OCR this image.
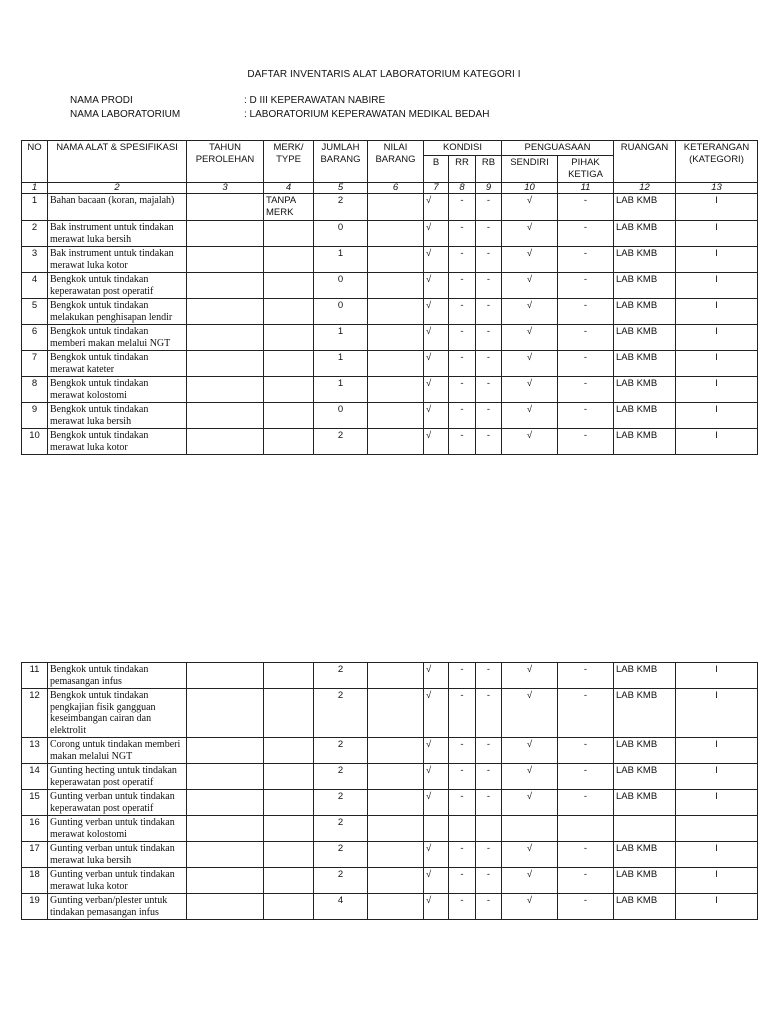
DAFTAR INVENTARIS ALAT LABORATORIUM KATEGORI I
NAMA PRODI	: D III KEPERAWATAN NABIRE
NAMA LABORATORIUM	: LABORATORIUM KEPERAWATAN MEDIKAL BEDAH
NO	NAMA ALAT & SPESIFIKASI	TAHUN PEROLEHAN	MERK/ TYPE	JUMLAH BARANG	NILAI BARANG	KONDISI			PENGUASAAN		RUANGAN	KETERANGAN (KATEGORI)
						B	RR	RB	SENDIRI	PIHAK KETIGA		
1	2	3	4	5	6	7	8	9	10	11	12	13
1	Bahan bacaan (koran, majalah)		TANPA MERK	2		√	-	-	√	-	LAB KMB	I
2	Bak instrument untuk tindakan merawat luka bersih			0		√	-	-	√	-	LAB KMB	I
3	Bak instrument untuk tindakan merawat luka kotor			1		√	-	-	√	-	LAB KMB	I
4	Bengkok untuk tindakan keperawatan post operatif			0		√	-	-	√	-	LAB KMB	I
5	Bengkok untuk tindakan melakukan penghisapan lendir			0		√	-	-	√	-	LAB KMB	I
6	Bengkok untuk tindakan memberi makan melalui NGT			1		√	-	-	√	-	LAB KMB	I
7	Bengkok untuk tindakan merawat kateter			1		√	-	-	√	-	LAB KMB	I
8	Bengkok untuk tindakan merawat kolostomi			1		√	-	-	√	-	LAB KMB	I
9	Bengkok untuk tindakan merawat luka bersih			0		√	-	-	√	-	LAB KMB	I
10	Bengkok untuk tindakan merawat luka kotor			2		√	-	-	√	-	LAB KMB	I
11	Bengkok untuk tindakan pemasangan infus			2		√	-	-	√	-	LAB KMB	I
12	Bengkok untuk tindakan pengkajian fisik gangguan keseimbangan cairan dan elektrolit			2		√	-	-	√	-	LAB KMB	I
13	Corong untuk tindakan memberi makan melalui NGT			2		√	-	-	√	-	LAB KMB	I
14	Gunting hecting untuk tindakan keperawatan post operatif			2		√	-	-	√	-	LAB KMB	I
15	Gunting verban untuk tindakan keperawatan post operatif			2		√	-	-	√	-	LAB KMB	I
16	Gunting verban untuk tindakan merawat kolostomi			2								
17	Gunting verban untuk tindakan merawat luka bersih			2		√	-	-	√	-	LAB KMB	I
18	Gunting verban untuk tindakan merawat luka kotor			2		√	-	-	√	-	LAB KMB	I
19	Gunting verban/plester untuk tindakan pemasangan infus			4		√	-	-	√	-	LAB KMB	I
